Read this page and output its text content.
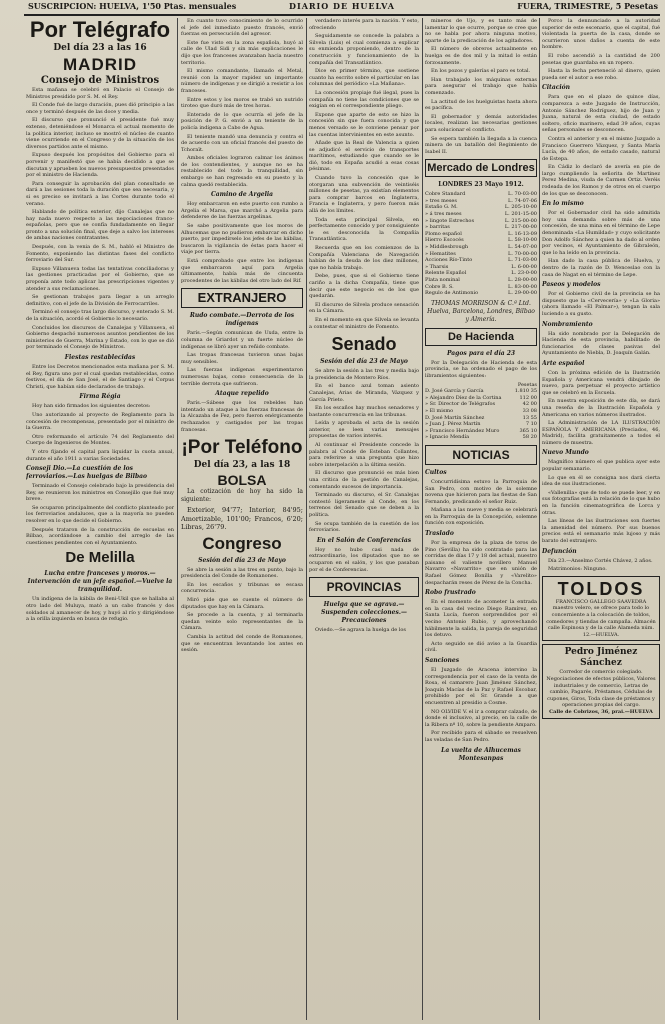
SUSCRIPCION: HUELVA, 1'50 Ptas. mensuales	DIARIO DE HUELVA	FUERA, TRIMESTRE, 5 Pesetas
Por Telégrafo
Del día 23 a las 16
MADRID
Consejo de Ministros

Esta mañana se celebró en Palacio el Consejo de Ministros presidido por S. M. el Rey.

El Conde fué de largo duración, pues dió principio a las once y terminó después de las doce y media.

El discurso que pronunció el presidente fué muy extenso, deteniéndose el Monarca el actual momento de la política interior, incluso se mostró el núcleo de cuanto viene ocurriendo en el Congreso y de la situación de los diversos partidos ante el mismo.

Expuso después los propósitos del Gobierno para el porvenir y manifestó que se había decidido a que se discutan y aprueben los nuevos presupuestos presentados por el ministro de Hacienda.

Para conseguir la aprobación del plan consultado se dará a las sesiones toda la duración que sea necesaria, y si es preciso se invitará a las Cortes durante todo el verano.

Hablando de política exterior, dijo Canalejas que no hay nada nuevo respecto a las negociaciones franco-españolas, pero que se confía fundadamente en llegar pronto a una solución final, que deje a salvo los intereses de ambas naciones contratantes.

Después, con la venia de S. M., habló el Ministro de Fomento, exponiendo las distintas fases del conflicto ferroviario del Sur.

Expuso Villanueva todas las tentativas conciliadoras y las gestiones practicadas por el Gobierno, que se proponía ante todo aplicar las prescripciones vigentes y atender a sus reclamaciones.

Se gestionan trabajos para llegar a un arreglo definitivo, con el jefe de la División de Ferrocarriles.

Terminó el consejo tras largo discurso, y enterado S. M. de la situación, acordó el Gobierno lo necesario.

Concluidos los discursos de Canalejas y Villanueva, el Gobierno despachó numerosos asuntos pendientes de los ministerios de Guerra, Marina y Estado, con lo que se dió por terminado el Consejo de Ministros.

Fiestas restablecidas

Entre los Decretos mencionados esta mañana por S. M. el Rey, figura uno por el cual quedan restablecidas, como festivos, el día de San José, el de Santiago y el Corpus Christi, que habían sido declarados de trabajo.

Firma Régia

Hoy han sido firmados los siguientes decretos:

Uno autorizando al proyecto de Reglamento para la concesión de recompensas, presentado por el ministro de la Guerra.

Otro reformando el artículo 74 del Reglamento del Cuerpo de Ingenieros de Montes.

Y otro fijando el capital para liquidar la cuota anual, durante el año 1911 a varias Sociedades.

Conseji Dio.—La cuestión de los ferroviarios.—Las huelgas de Bilbao

Terminado el Consejo celebrado bajo la presidencia del Rey, se reunieron los ministros en Consejillo que fué muy breve.

Se ocuparon principalmente del conflicto planteado por los ferroviarios andaluces, que a la mayoría no pueden resolver en lo que decide el Gobierno.

Después trataron de la construcción de escuelas en Bilbao, acordándose a cambio del arreglo de las cuestiones pendientes con el Ayuntamiento.

De Melilla
Lucha entre franceses y moros.—Intervención de un jefe español.—Vuelve la tranquilidad.

Un indígena de la kábila de Beni-Ukil que se hallaba al otro lado del Muluya, mató a un cabo francés y dos soldados al amanecer de hoy, y huyó al río y dirigiéndose a la orilla izquierda en busca de refugio.

En cuanto tuvo conocimiento de lo ocurrido el jefe del inmediato puesto francés, envió fuerzas en persecución del agresor.

Este fue visto en la zona española, huyó al calle de Ulad Sidi y sin más explicaciones le dijo que los franceses avanzaban hacia nuestro territorio.

El mismo comandante, llamado el Metal, reunió con la mayor rapidez un importante número de indígenas y se dirigió a resistir a los franceses.

Entre estos y los moros se trabó un nutrido tiroteo que duró más de tres horas.

Enterado de lo que ocurría el jefe de la posición de P. G. envió a un teniente de la policía indígena a Cabo de Agua.

El teniente mandó una denuncia y contra el de acuerdo con un oficial francés del puesto de Tchoraït.

Ambos oficiales lograron calmar los ánimos de los contendientes, y aunque no se ha restablecido del todo la tranquilidad, sin embargo se han regresado en su puesto y la calma quedó restablecida.

Camino de Argelia

Hoy embarcaron en este puerto con rumbo a Argelia el Marsa, que marchó a Argelia para defenderse de las fuerzas argelinas.

Se sabe positivamente que los moros de Alhucemas que no pudieron embarcar en dicho puerto, por impedírselo los jefes de las kábilas, buscaron la vigilancia de éstas para hacer el viaje por tierra.

Está comprobado que entre los indígenas que embarcaron aquí para Argelia últimamente, había más de cincuenta procedentes de las kábilas del otro lado del Rif.

EXTRANJERO
Rudo combate.—Derrota de los indígenas

París.—Según comunican de Uxda, entre la columna de Griardot y un fuerte núcleo de indígenas se libró ayer un reñido combate.

Las tropas francesas tuvieron unas bajas muy sensibles.

Las fuerzas indígenas experimentaron numerosas bajas, como consecuencia de la terrible derrota que sufrieron.

Ataque repelido

París.—Sábese que los rebeldes han intentado un ataque a las fuerzas francesas de la Alcazaba de Fez, pero fueron enérgicamente rechazados y castigados por las tropas francesas.

¡Por Teléfono
Del día 23, a las 18
BOLSA

La cotización de hoy ha sido la siguiente:

Exterior, 94'77; Interior, 84'95; Amortizable, 101'00; Francos, 6'20; Libras, 26'79.

Congreso
Sesión del día 23 de Mayo

Se abre la sesión a las tres en punto, bajo la presidencia del Conde de Romanones.

En los escaños y tribunas se escasa concurrencia.

Miró pide que se cuente el número de diputados que hay en la Cámara.

Se procede a la cuenta, y al terminarla quedan veinte solo representantes de la Cámara.

Cambia la actitud del conde de Romanones, que se encuentran levantando los antes en sesión.

verdadero interés para la nación. Y esto, ofreciendo

Seguidamente se concede la palabra a Silvela (Luis) el cual comienza a explicar su enmienda proponiendo, dentro de la construcción y funcionamiento de la compañía del Transatlántico.

Dice en primer término, que sostiene cuanto ha escrito sobre el particular en las columnas del periódico «La Mañana».

La concesión propiaje fué ilegal, pues la compañía no tiene las condiciones que se exigían en el correspondiente pliego.

Expone que aparte de esto se hizo la concesión sin que fuera conocida y que menos versado se le conviene pensar por las cuentas intervinientes en este asunto.

Añade que la Real de Valencia a quien se adjudicó el servicio de transportes marítimos, estudiando que cuando se le dió, todo en España acudió a esas cosas pésimas.

Cuando tuvo la concesión que le otorgaran una subvención de veintiséis millones de pesetas, ya existían elementos para comprar barcos en Inglaterra, Francia e Inglaterra, y pero fueron más allá de los límites.

Toda esta principal Silvela, en perfectamente conocido y por consiguiente le es desconocida la Compañía Transatlántica.

Recuerda que en los comienzos de la Compañía Valenciana de Navegación habían de la deuda de los diez millones, que no había trabajo.

Debe, pues, que si el Gobierno tiene cariño a la dicha Compañía, tiene que decir que este negocio es de los que quedarán.

El discurso de Silvela produce sensación en la Cámara.

En el momento en que Silvela se levanta a contestar el ministro de Fomento.

Senado
Sesión del día 23 de Mayo

Se abre la sesión a las tres y media bajo la presidencia de Montero Ríos.

En el banco azul toman asiento Canalejas, Arias de Miranda, Vázquez y García Prieto.

En los escaños hay muchos senadores y bastante concurrencia en las tribunas.

Leída y aprobada el acta de la sesión anterior, se leen varias mensajes propuestas de varios interés.

Al continuar el Presidente concede la palabra al Conde de Esteban Collantes, para referirse a una pregunta que hizo sobre interpelación a la última sesión.

El discurso que pronunció es más bien una critica de la gestión de Canalejas, comentando sucesos de importancia.

Terminado su discurso, el Sr. Canalejas contestó ligeramente al Conde, en los terrenos del Senado que se deben a la política.

Se ocupa también de la cuestión de los ferroviarios.

En el Salón de Conferencias

Hoy no hubo casi nada de extraordinario, los diputados que no se ocuparon en el salón, y los que pasaban por el de Conferencias.

PROVINCIAS
Huelga que se agrava.—Suspenden colecciones.—Precauciones

Oviedo.—Se agrava la huelga de los

mineros de Ujo, y es tanto más de lamentar lo que ocurre, porque se cree que no se habla por ahora ninguna motivo, aparte de la predicación de los agitadores.

El número de obreros actualmente en huelga es de dos mil y la mitad lo están forzosamente.

En los pozos y galerías el paro es total.

Han trabajado los máquinas externas para asegurar el trabajo que había comenzado.

La actitud de los huelguistas hasta ahora es pacífica.

El gobernador y demás autoridades locales, realizan las necesarias gestiones para solucionar el conflicto.

Se espera también la llegada a la cuenca minera de un batallón del Regimiento de Isabel II.

Mercado de Londres
LONDRES 23 Mayo 1912.
Cobre Standard	L. 70-03-00
» tres meses	L. 74-07-06
Estaño G. M.	L. 205-10-00
» á tres meses	L. 201-15-00
» lingote Estrechos	L. 215-00-00
» barritas	L. 217-00-00
Plomo español	L. 16-13-09
Hierro Escocés	L. 58-10-00
» Middlesbrough	L. 54-07-00
» Hematites	L. 70-00-00
Acciones Río-Tinto	L. 71-03-00
» Tharsis	L. 6-00-00
Relente Español	L. 23-0-00
Plata nominal	L. 28-00-00
Cobre B. S.	L. 83-00-00
Regulo de Antimonio	L. 29-00-00
THOMAS MORRISON & C.ª Ltd. Huelva, Barcelona, Londres, Bilbao y Almería.
De Hacienda
Pagos para el día 23

Por la Delegación de Hacienda de esta provincia, se ha ordenado el pago de los libramientos siguientes:

Pesetas
D. José García y García	1.810 35
» Alejandro Díez de la Cortina	112 00
» Sr. Director de Telégrafos	42 00
» El mismo	33 08
D. José Martín Sánchez	13 55
» Juan J. Pérez Martín	7 10
» Francisco Hernández Muro	365 10
» Ignacio Mendía	58 20
NOTICIAS
Cultos

Concurridísima estuvo la Parroquia de San Pedro, con motivo de la solemne novena que hicieron para las fiestas de San Fernando, predicando el señor Ruiz.

Mañana a las nueve y media se celebrará en la Parroquia de la Concepción, solemne función con exposición.

Traslado

Por la empresa de la plaza de toros de Pino (Sevilla) ha sido contratado para las corridas de días 17 y 18 del actual, nuestro paisano el valiente novillero Manuel Navarro «Navarrito» que en unión de Rafael Gómez Bonilla y «Varelito» despacharán reses de Pérez de la Concha.

Robo frustrado

En el momento de acometer la entrada en la casa del vecino Diego Ramírez, en Santa Lucía, fueron sorprendidos por el vecino Antonio Rubio, y aprovechando hábilmente la salida, la pareja de seguridad los detuvo.

Acto seguido se dió aviso a la Guardia civil.

Sanciones

El Juzgado de Aracena intervino la correspondencia por el caso de la venta de Rosa, el camarero Juan Jiménez Sánchez, Joaquín Macías de la Paz y Rafael Escobar, prohibido por el Sr. Grande a que encuentren al presidio a Cosme.

NO OLVIDE V. el ir a comprar calzado, de donde el inclusivo, al precio, en la calle de la Ribera nº 10, sobre la pendiente Amparo.

Por recibido para el sábado se resuelven las veladas de San Pedro.

La vuelta de Alhucemas Montesanpas

Porco la dennunciado a la autoridad superior de este escenario, que el capital, fué violentada la puerta de la casa, donde se ocurrieron unos daños a cuenta de este hombre.

El robo ascendió a la cantidad de 200 pesetas que guardaba en un ropero.

Hasta la fecha perteneció al dinero, quien pueda ser el autor a ese robo.

Citación

Para que en el plazo de quince días, comparezca a este Juzgado de Instrucción, Antonio Sánchez Rodríguez, hijo de Juan y Juana, natural de esta ciudad, de estado soltero, oficio marinero, edad 39 años, cuyas señas personales se desconocen.

Contra el anterior y en el mismo Juzgado a Francisco Guerrero Vázquez, y Santa María Lucía, de 40 años, de estado casado, natural de Estepa.

En Cádiz lo declaró de avería en pie de largo cumpliendo la señorita de Martinez Perez Medina, viuda de Carmen Ortiz. Veréis rodeada de los Ramos y de otros en el cuerpo de los que se desconocen.

En lo mismo

Por el Gobernador civil ha sido admitida hoy una demanda sobre más de una concesión, de una mina en el término de Lepe denominada «La Humildad» y cuyo solicitante Don Adolfo Sánchez a quien ha dado al orden por vecinos, el Ayuntamiento de Gibraleón, que lo ha leído en la provincia.

Han dado la casa pública de Huelva, y dentro de la razón de D. Wenceslao con la casa de Nagat en el término de Lepe.

Paseos y modelos

Por el Gobierno civil de la provincia se ha dispuesto que la «Cervecería» y «La Gloria» (ahora llamado «El Palmar»), tengan la sala luciendo a su gusto.

Nombramiento

Ha sido nombrado por la Delegación de Hacienda de esta provincia, habilitado de funcionarios de clases pasivas del Ayuntamiento de Niebla, D. Joaquín Galán.

Arte español

Con la próxima edición de la Ilustración Española y Americana vendrá dibujado de nuevo, para perpetuar el proyecto artístico que se celebró en la Escuela.

En nuestra exposición de este día, se dará una reseña de la Ilustración Española y Americana en varios números ilustrados.

La Administración de LA ILUSTRACIÓN ESPAÑOLA Y AMERICANA (Preciados, 46, Madrid), facilita gratuitamente a todos el número de muestra.

Nuevo Mundo

Magnífico número el que publica ayer este popular semanario.

Lo que en él se consigna nos dará cierta idea de sus ilustraciones.

«Vallenilla» que de todo se puede leer, y en sus fotografías está la relación de lo que hubo en la función cinematográfica de Lorca y otras.

Las líneas de las ilustraciones son fuertes la amenidad del número. Por sus buenos precios está el semanario más lujoso y más barato del extranjero.

Defunción

Día 23.—Anselmo Cortés Chávez, 2 años.

Matrimonios: Ninguno.

TOLDOS
FRANCISCO GALLEGO SAAVEDRA maestro velero, se ofrece para todo lo concerniente a la colocación de toldos, comedores y tiendas de campaña. Almacén calle Espinosa y de la calle Alameda núm. 12.—HUELVA.
Pedro Jiménez Sánchez
Corredor de comercio colegiado. Negociaciones de efectos públicos, Valores industriales y de comercio, Letras de cambio, Pagarés, Préstamos, Cédulas de cupones, Giros, Toda clase de préstamos y operaciones propias del cargo.
Calle de Cobrizos, 36, prai.—HUELVA
